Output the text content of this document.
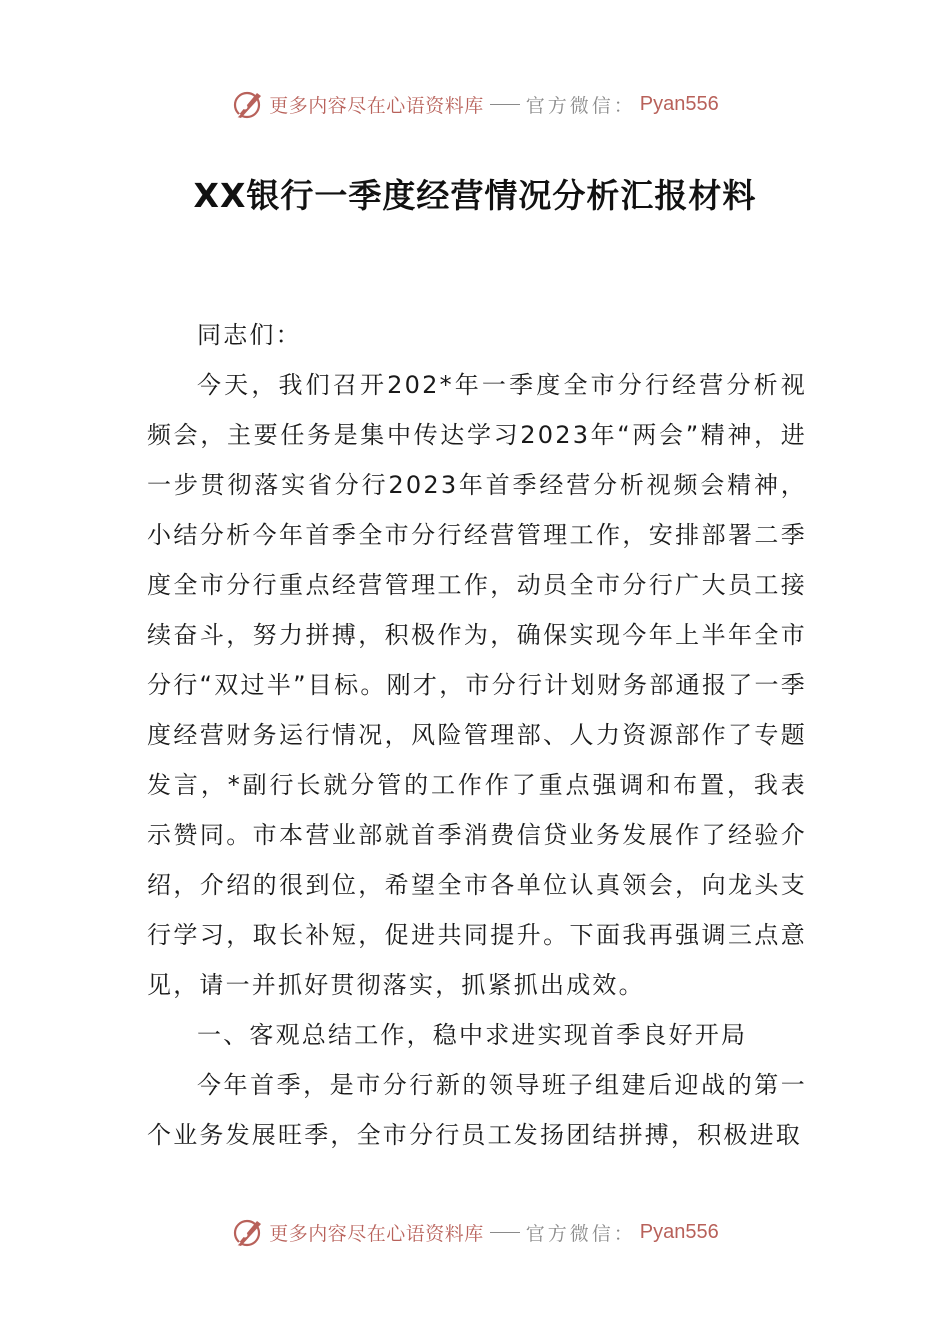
更多内容尽在心语资料库 官方微信： Pyan556
XX银行一季度经营情况分析汇报材料

同志们：

今天，我们召开202*年一季度全市分行经营分析视频会，主要任务是集中传达学习2023年“两会”精神，进一步贯彻落实省分行2023年首季经营分析视频会精神，小结分析今年首季全市分行经营管理工作，安排部署二季度全市分行重点经营管理工作，动员全市分行广大员工接续奋斗，努力拼搏，积极作为，确保实现今年上半年全市分行“双过半”目标。刚才，市分行计划财务部通报了一季度经营财务运行情况，风险管理部、人力资源部作了专题发言，*副行长就分管的工作作了重点强调和布置，我表示赞同。市本营业部就首季消费信贷业务发展作了经验介绍，介绍的很到位，希望全市各单位认真领会，向龙头支行学习，取长补短，促进共同提升。下面我再强调三点意见，请一并抓好贯彻落实，抓紧抓出成效。

一、客观总结工作，稳中求进实现首季良好开局

今年首季，是市分行新的领导班子组建后迎战的第一个业务发展旺季，全市分行员工发扬团结拼搏，积极进取

更多内容尽在心语资料库 官方微信： Pyan556
